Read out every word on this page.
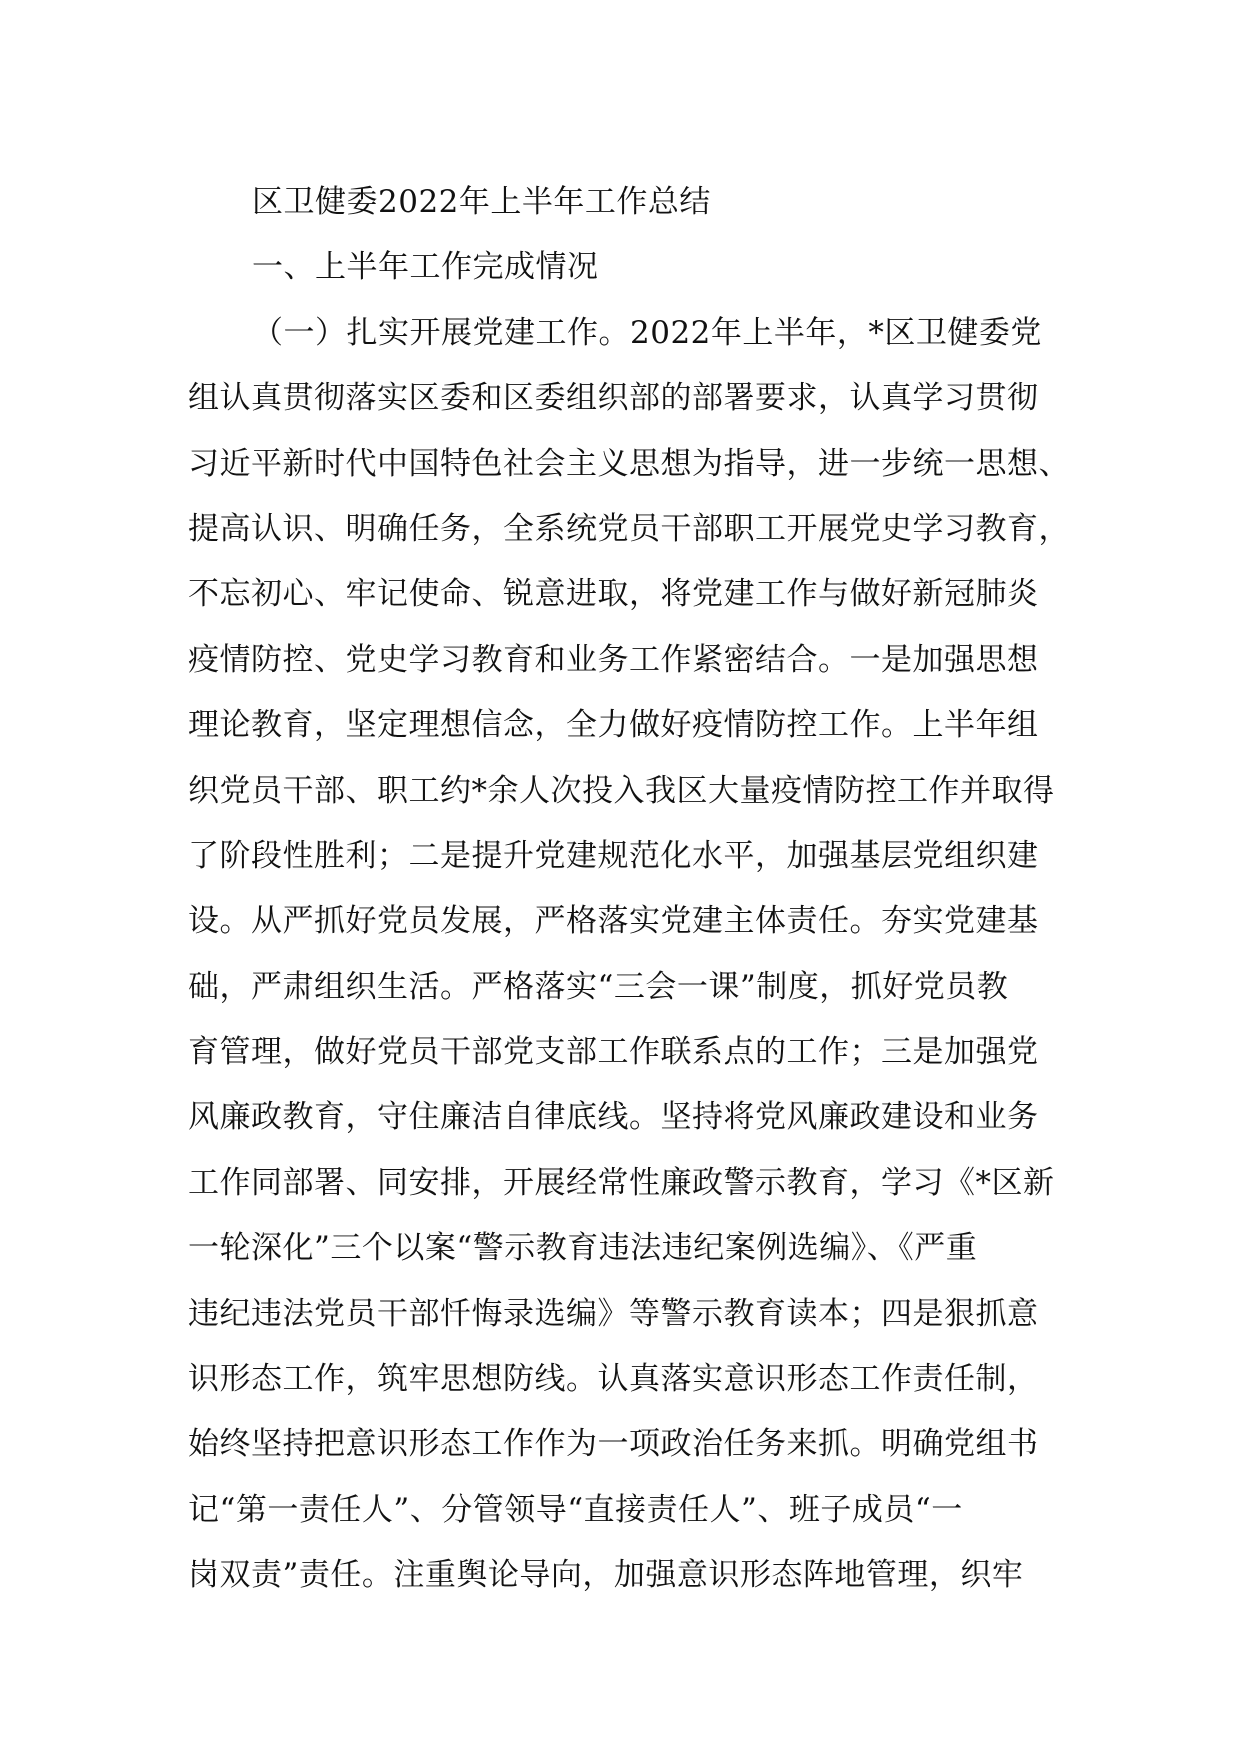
区卫健委2022年上半年工作总结
一、上半年工作完成情况
（一）扎实开展党建工作。2022年上半年，*区卫健委党
组认真贯彻落实区委和区委组织部的部署要求，认真学习贯彻
习近平新时代中国特色社会主义思想为指导，进一步统一思想、
提高认识、明确任务，全系统党员干部职工开展党史学习教育，
不忘初心、牢记使命、锐意进取，将党建工作与做好新冠肺炎
疫情防控、党史学习教育和业务工作紧密结合。一是加强思想
理论教育，坚定理想信念，全力做好疫情防控工作。上半年组
织党员干部、职工约*余人次投入我区大量疫情防控工作并取得
了阶段性胜利；二是提升党建规范化水平，加强基层党组织建
设。从严抓好党员发展，严格落实党建主体责任。夯实党建基
础，严肃组织生活。严格落实“三会一课”制度，抓好党员教
育管理，做好党员干部党支部工作联系点的工作；三是加强党
风廉政教育，守住廉洁自律底线。坚持将党风廉政建设和业务
工作同部署、同安排，开展经常性廉政警示教育，学习《*区新
一轮深化”三个以案“警示教育违法违纪案例选编》、《严重
违纪违法党员干部忏悔录选编》等警示教育读本；四是狠抓意
识形态工作，筑牢思想防线。认真落实意识形态工作责任制，
始终坚持把意识形态工作作为一项政治任务来抓。明确党组书
记“第一责任人”、分管领导“直接责任人”、班子成员“一
岗双责”责任。注重舆论导向，加强意识形态阵地管理，织牢
